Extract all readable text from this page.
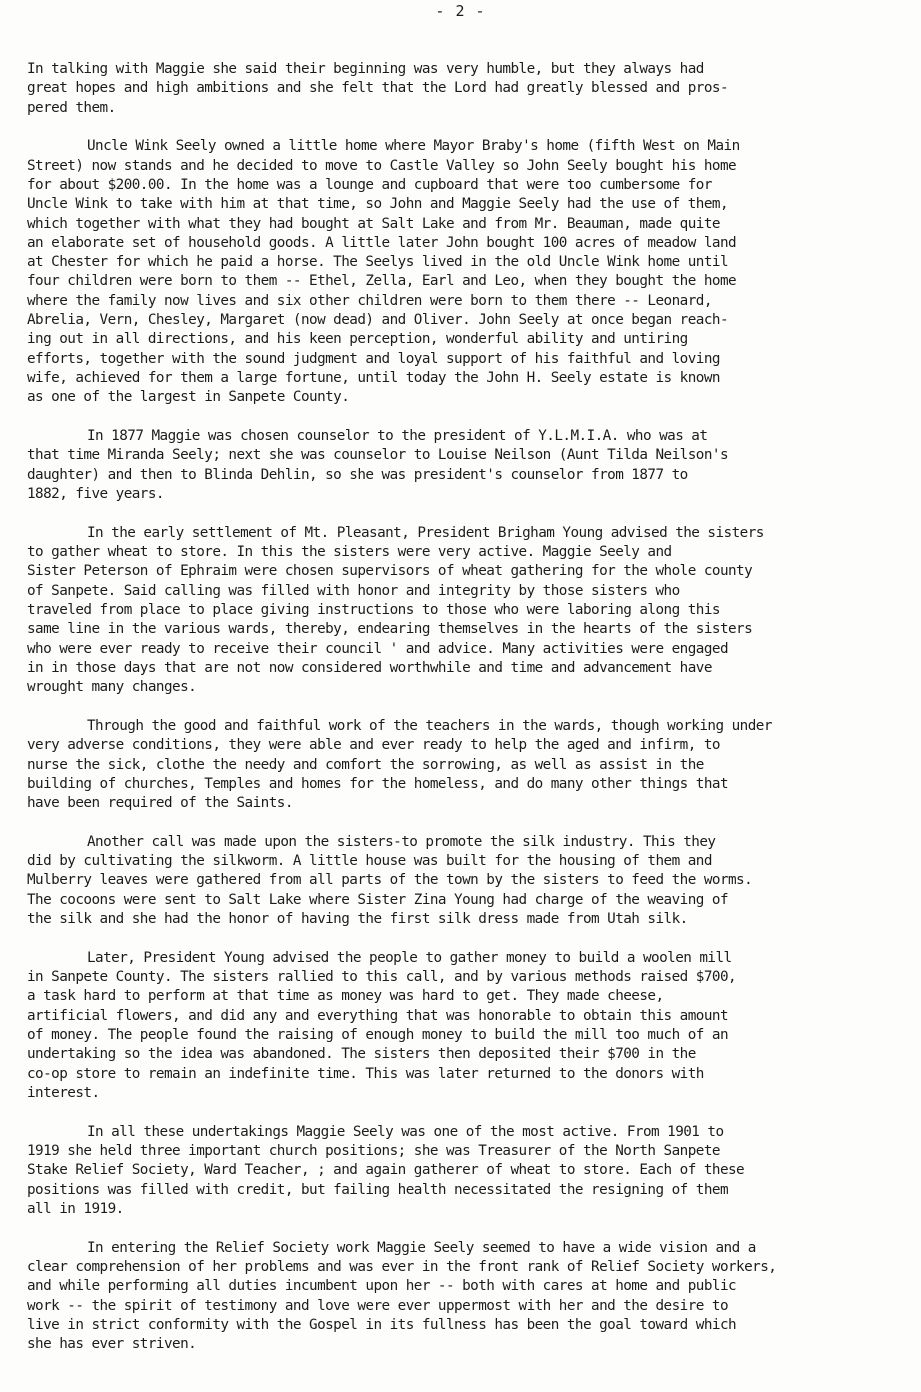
- 2 -

In talking with Maggie she said their beginning was very humble, but they always had
great hopes and high ambitions and she felt that the Lord had greatly blessed and pros-
pered them.

Uncle Wink Seely owned a little home where Mayor Braby's home (fifth West on Main
Street) now stands and he decided to move to Castle Valley so John Seely bought his home
for about $200.00. In the home was a lounge and cupboard that were too cumbersome for
Uncle Wink to take with him at that time, so John and Maggie Seely had the use of them,
which together with what they had bought at Salt Lake and from Mr. Beauman, made quite
an elaborate set of household goods. A little later John bought 100 acres of meadow land
at Chester for which he paid a horse. The Seelys lived in the old Uncle Wink home until
four children were born to them -- Ethel, Zella, Earl and Leo, when they bought the home
where the family now lives and six other children were born to them there -- Leonard,
Abrelia, Vern, Chesley, Margaret (now dead) and Oliver. John Seely at once began reach-
ing out in all directions, and his keen perception, wonderful ability and untiring
efforts, together with the sound judgment and loyal support of his faithful and loving
wife, achieved for them a large fortune, until today the John H. Seely estate is known
as one of the largest in Sanpete County.

In 1877 Maggie was chosen counselor to the president of Y.L.M.I.A. who was at
that time Miranda Seely; next she was counselor to Louise Neilson (Aunt Tilda Neilson's
daughter) and then to Blinda Dehlin, so she was president's counselor from 1877 to
1882, five years.

In the early settlement of Mt. Pleasant, President Brigham Young advised the sisters
to gather wheat to store. In this the sisters were very active. Maggie Seely and
Sister Peterson of Ephraim were chosen supervisors of wheat gathering for the whole county
of Sanpete. Said calling was filled with honor and integrity by those sisters who
traveled from place to place giving instructions to those who were laboring along this
same line in the various wards, thereby, endearing themselves in the hearts of the sisters
who were ever ready to receive their council ' and advice. Many activities were engaged
in in those days that are not now considered worthwhile and time and advancement have
wrought many changes.

Through the good and faithful work of the teachers in the wards, though working under
very adverse conditions, they were able and ever ready to help the aged and infirm, to
nurse the sick, clothe the needy and comfort the sorrowing, as well as assist in the
building of churches, Temples and homes for the homeless, and do many other things that
have been required of the Saints.

Another call was made upon the sisters-to promote the silk industry. This they
did by cultivating the silkworm. A little house was built for the housing of them and
Mulberry leaves were gathered from all parts of the town by the sisters to feed the worms.
The cocoons were sent to Salt Lake where Sister Zina Young had charge of the weaving of
the silk and she had the honor of having the first silk dress made from Utah silk.

Later, President Young advised the people to gather money to build a woolen mill
in Sanpete County. The sisters rallied to this call, and by various methods raised $700,
a task hard to perform at that time as money was hard to get. They made cheese,
artificial flowers, and did any and everything that was honorable to obtain this amount
of money. The people found the raising of enough money to build the mill too much of an
undertaking so the idea was abandoned. The sisters then deposited their $700 in the
co-op store to remain an indefinite time. This was later returned to the donors with
interest.

In all these undertakings Maggie Seely was one of the most active. From 1901 to
1919 she held three important church positions; she was Treasurer of the North Sanpete
Stake Relief Society, Ward Teacher, ; and again gatherer of wheat to store. Each of these
positions was filled with credit, but failing health necessitated the resigning of them
all in 1919.

In entering the Relief Society work Maggie Seely seemed to have a wide vision and a
clear comprehension of her problems and was ever in the front rank of Relief Society workers,
and while performing all duties incumbent upon her -- both with cares at home and public
work -- the spirit of testimony and love were ever uppermost with her and the desire to
live in strict conformity with the Gospel in its fullness has been the goal toward which
she has ever striven.
